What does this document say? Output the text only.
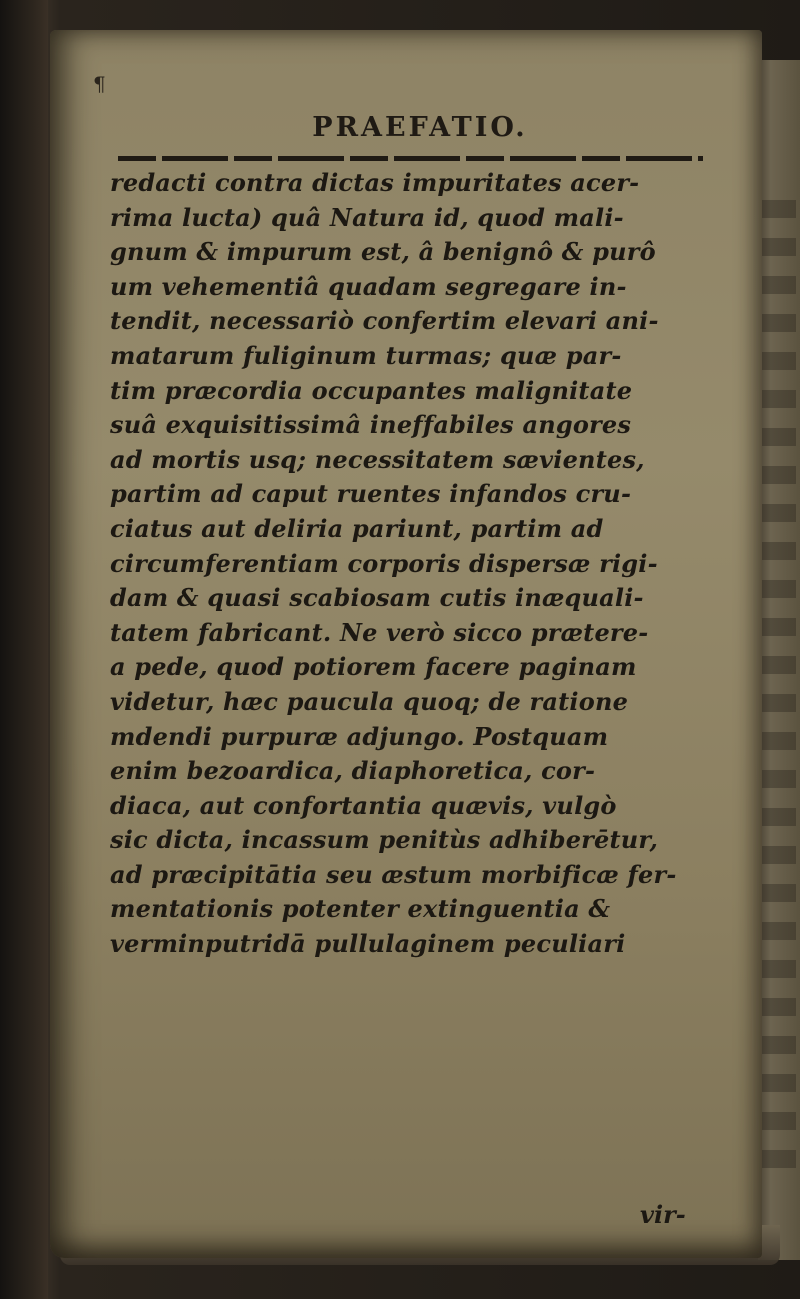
¶
PRAEFATIO.
redacti contra dictas impuritates acer-
rima lucta) quâ Natura id, quod mali-
gnum & impurum est, â benignô & purô
um vehementiâ quadam segregare in-
tendit, necessariò confertim elevari ani-
matarum fuliginum turmas; quæ par-
tim præcordia occupantes malignitate
suâ exquisitissimâ ineffabiles angores
ad mortis usq; necessitatem sævientes,
partim ad caput ruentes infandos cru-
ciatus aut deliria pariunt, partim ad
circumferentiam corporis dispersæ rigi-
dam & quasi scabiosam cutis inæquali-
tatem fabricant. Ne verò sicco prætere-
a pede, quod potiorem facere paginam
videtur, hæc paucula quoq; de ratione
mdendi purpuræ adjungo. Postquam
enim bezoardica, diaphoretica, cor-
diaca, aut confortantia quævis, vulgò
sic dicta, incassum penitùs adhiberētur,
ad præcipitātia seu æstum morbificæ fer-
mentationis potenter extinguentia &
verminputridā pullulaginem peculiari
vir-
